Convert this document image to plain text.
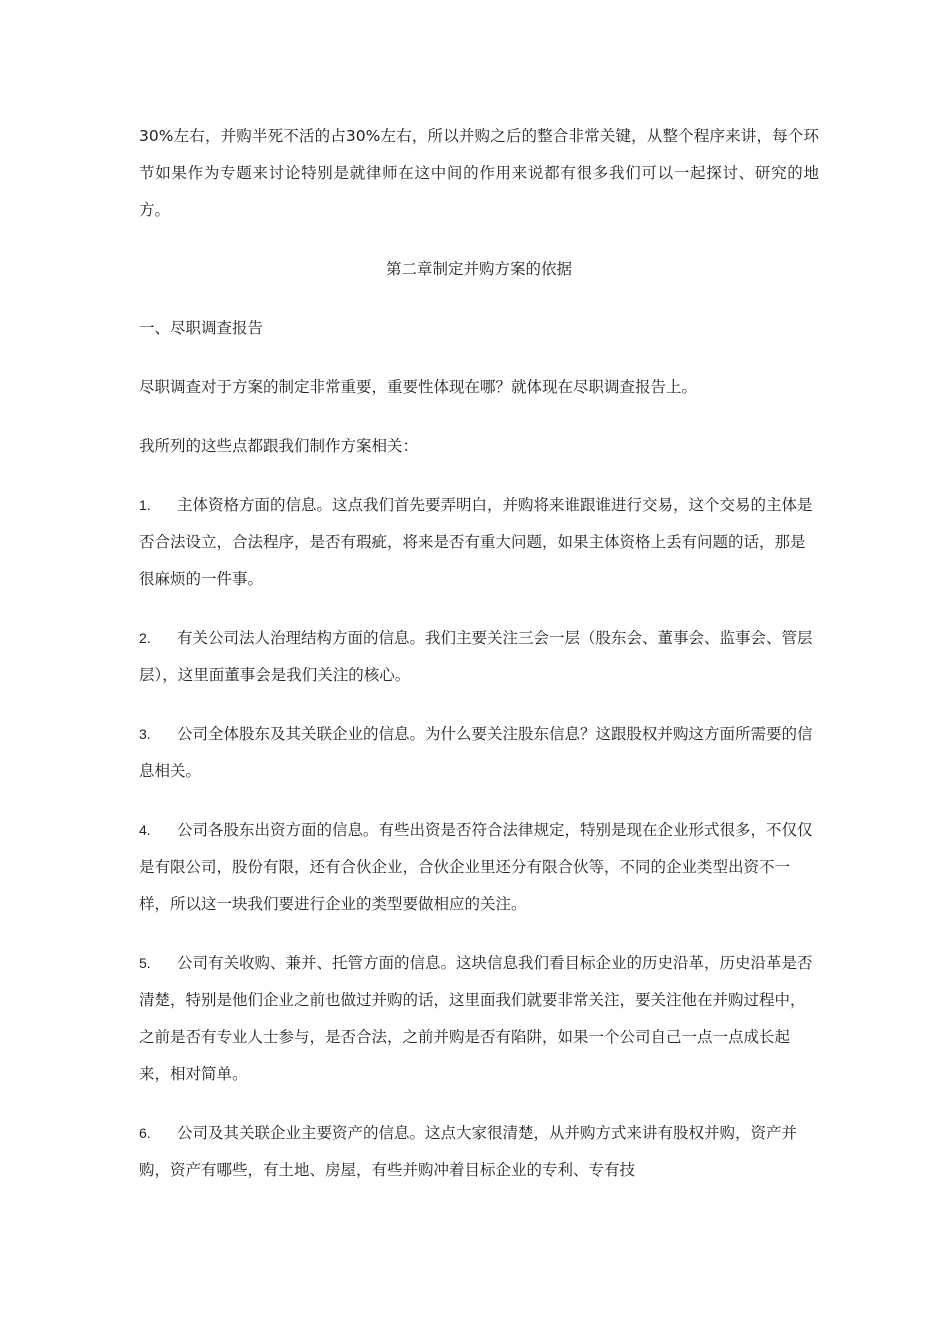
30%左右，并购半死不活的占30%左右，所以并购之后的整合非常关键，从整个程序来讲，每个环节如果作为专题来讨论特别是就律师在这中间的作用来说都有很多我们可以一起探讨、研究的地方。

第二章制定并购方案的依据

一、尽职调查报告

尽职调查对于方案的制定非常重要，重要性体现在哪？就体现在尽职调查报告上。

我所列的这些点都跟我们制作方案相关：

1. 主体资格方面的信息。这点我们首先要弄明白，并购将来谁跟谁进行交易，这个交易的主体是否合法设立，合法程序，是否有瑕疵，将来是否有重大问题，如果主体资格上丢有问题的话，那是很麻烦的一件事。

2. 有关公司法人治理结构方面的信息。我们主要关注三会一层（股东会、董事会、监事会、管层层），这里面董事会是我们关注的核心。

3. 公司全体股东及其关联企业的信息。为什么要关注股东信息？这跟股权并购这方面所需要的信息相关。

4. 公司各股东出资方面的信息。有些出资是否符合法律规定，特别是现在企业形式很多，不仅仅是有限公司，股份有限，还有合伙企业，合伙企业里还分有限合伙等，不同的企业类型出资不一样，所以这一块我们要进行企业的类型要做相应的关注。

5. 公司有关收购、兼并、托管方面的信息。这块信息我们看目标企业的历史沿革，历史沿革是否清楚，特别是他们企业之前也做过并购的话，这里面我们就要非常关注，要关注他在并购过程中，之前是否有专业人士参与，是否合法，之前并购是否有陷阱，如果一个公司自己一点一点成长起来，相对简单。

6. 公司及其关联企业主要资产的信息。这点大家很清楚，从并购方式来讲有股权并购，资产并购，资产有哪些，有土地、房屋，有些并购冲着目标企业的专利、专有技
